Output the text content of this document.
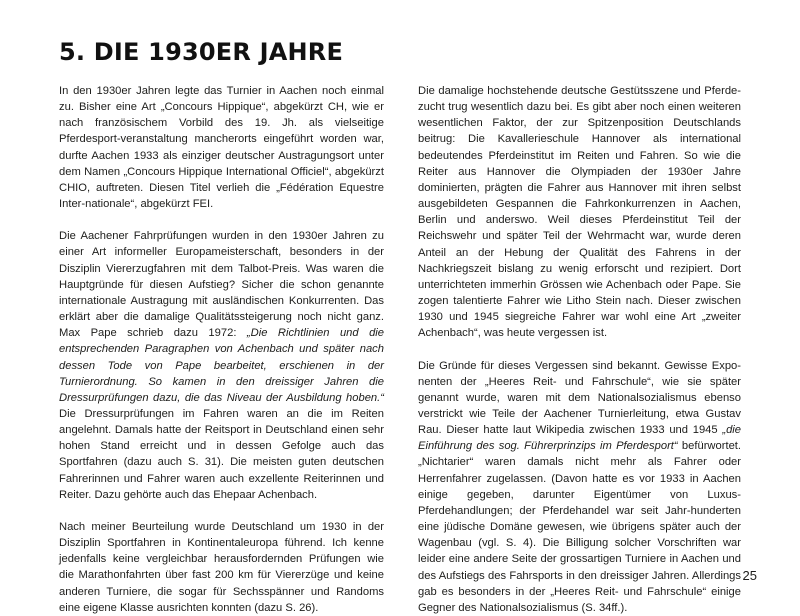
5. DIE 1930ER JAHRE

In den 1930er Jahren legte das Turnier in Aachen noch einmal zu. Bisher eine Art „Concours Hippique“, abgekürzt CH, wie er nach französischem Vorbild des 19. Jh. als vielseitige Pferdesport-veranstaltung mancherorts eingeführt worden war, durfte Aachen 1933 als einziger deutscher Austragungsort unter dem Namen „Concours Hippique International Officiel“, abgekürzt CHIO, auftreten. Diesen Titel verlieh die „Fédération Equestre Inter-nationale“, abgekürzt FEI.

Die Aachener Fahrprüfungen wurden in den 1930er Jahren zu einer Art informeller Europameisterschaft, besonders in der Disziplin Viererzugfahren mit dem Talbot-Preis. Was waren die Hauptgründe für diesen Aufstieg? Sicher die schon genannte internationale Austragung mit ausländischen Konkurrenten. Das erklärt aber die damalige Qualitätssteigerung noch nicht ganz. Max Pape schrieb dazu 1972: „Die Richtlinien und die entsprechenden Paragraphen von Achenbach und später nach dessen Tode von Pape bearbeitet, erschienen in der Turnierordnung. So kamen in den dreissiger Jahren die Dressurprüfungen dazu, die das Niveau der Ausbildung hoben.“ Die Dressurprüfungen im Fahren waren an die im Reiten angelehnt. Damals hatte der Reitsport in Deutschland einen sehr hohen Stand erreicht und in dessen Gefolge auch das Sportfahren (dazu auch S. 31). Die meisten guten deutschen Fahrerinnen und Fahrer waren auch exzellente Reiterinnen und Reiter. Dazu gehörte auch das Ehepaar Achenbach.

Nach meiner Beurteilung wurde Deutschland um 1930 in der Disziplin Sportfahren in Kontinentaleuropa führend. Ich kenne jedenfalls keine vergleichbar herausfordernden Prüfungen wie die Marathonfahrten über fast 200 km für Viererzüge und keine anderen Turniere, die sogar für Sechsspänner und Randoms eine eigene Klasse ausrichten konnten (dazu S. 26).

Die damalige hochstehende deutsche Gestütsszene und Pferde-zucht trug wesentlich dazu bei. Es gibt aber noch einen weiteren wesentlichen Faktor, der zur Spitzenposition Deutschlands beitrug: Die Kavallerieschule Hannover als international bedeutendes Pferdeinstitut im Reiten und Fahren. So wie die Reiter aus Hannover die Olympiaden der 1930er Jahre dominierten, prägten die Fahrer aus Hannover mit ihren selbst ausgebildeten Gespannen die Fahrkonkurrenzen in Aachen, Berlin und anderswo. Weil dieses Pferdeinstitut Teil der Reichswehr und später Teil der Wehrmacht war, wurde deren Anteil an der Hebung der Qualität des Fahrens in der Nachkriegszeit bislang zu wenig erforscht und rezipiert. Dort unterrichteten immerhin Grössen wie Achenbach oder Pape. Sie zogen talentierte Fahrer wie Litho Stein nach. Dieser zwischen 1930 und 1945 siegreiche Fahrer war wohl eine Art „zweiter Achenbach“, was heute vergessen ist.

Die Gründe für dieses Vergessen sind bekannt. Gewisse Expo-nenten der „Heeres Reit- und Fahrschule“, wie sie später genannt wurde, waren mit dem Nationalsozialismus ebenso verstrickt wie Teile der Aachener Turnierleitung, etwa Gustav Rau. Dieser hatte laut Wikipedia zwischen 1933 und 1945 „die Einführung des sog. Führerprinzips im Pferdesport“ befürwortet. „Nichtarier“ waren damals nicht mehr als Fahrer oder Herrenfahrer zugelassen. (Davon hatte es vor 1933 in Aachen einige gegeben, darunter Eigentümer von Luxus-Pferdehandlungen; der Pferdehandel war seit Jahr-hunderten eine jüdische Domäne gewesen, wie übrigens später auch der Wagenbau (vgl. S. 4). Die Billigung solcher Vorschriften war leider eine andere Seite der grossartigen Turniere in Aachen und des Aufstiegs des Fahrsports in den dreissiger Jahren. Allerdings gab es besonders in der „Heeres Reit- und Fahrschule“ einige Gegner des Nationalsozialismus (S. 34ff.).

25
